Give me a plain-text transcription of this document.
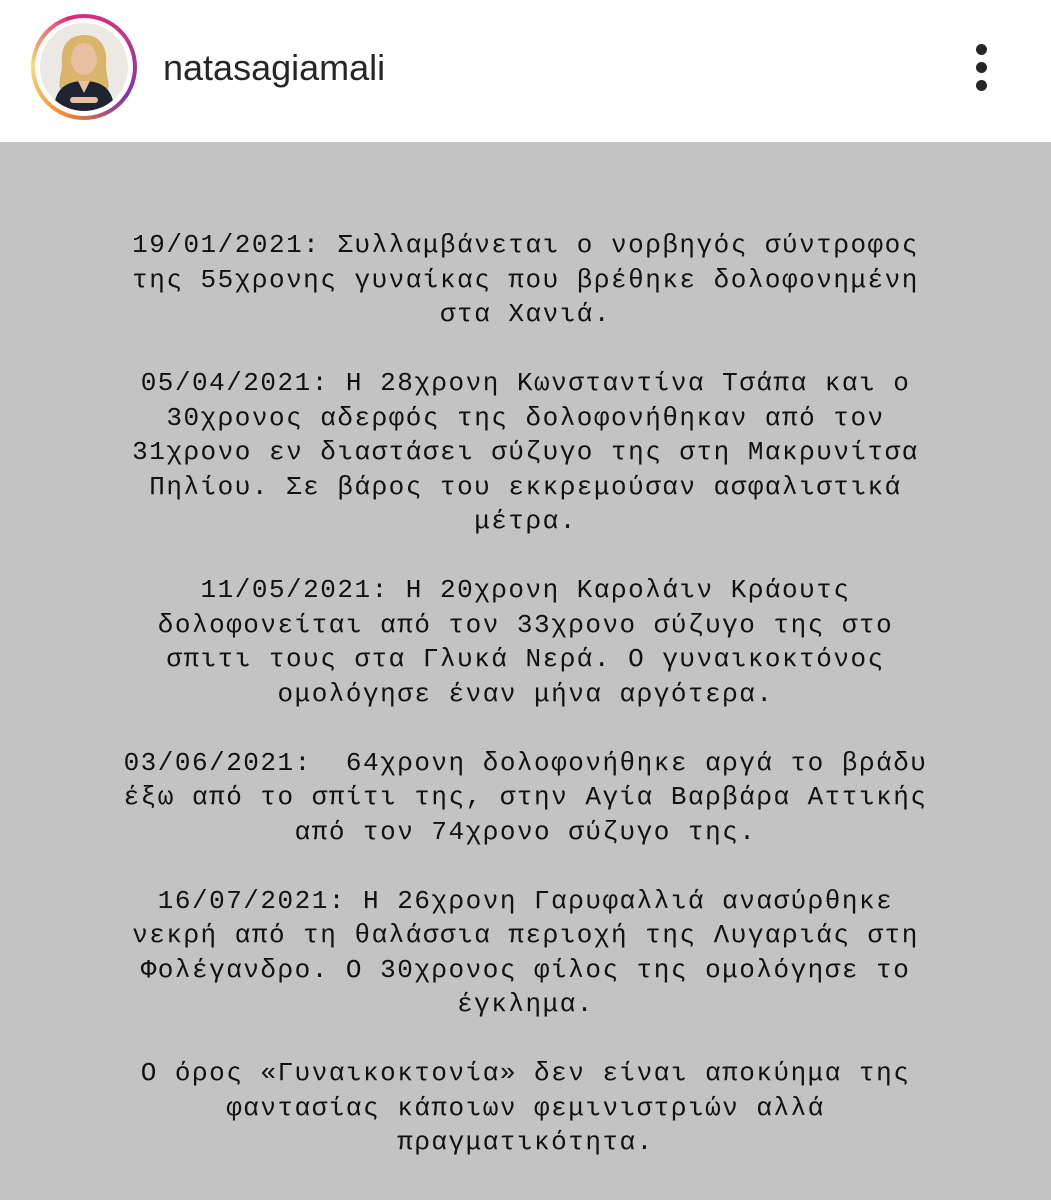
natasagiamali

19/01/2021: Συλλαμβάνεται ο νορβηγός σύντροφος
της 55χρονης γυναίκας που βρέθηκε δολοφονημένη
στα Χανιά.

05/04/2021: Η 28χρονη Κωνσταντίνα Τσάπα και ο
30χρονος αδερφός της δολοφονήθηκαν από τον
31χρονο εν διαστάσει σύζυγο της στη Μακρυνίτσα
Πηλίου. Σε βάρος του εκκρεμούσαν ασφαλιστικά
μέτρα.

11/05/2021: Η 20χρονη Καρολάιν Κράουτς
δολοφονείται από τον 33χρονο σύζυγο της στο
σπιτι τους στα Γλυκά Νερά. Ο γυναικοκτόνος
ομολόγησε έναν μήνα αργότερα.

03/06/2021:  64χρονη δολοφονήθηκε αργά το βράδυ
έξω από το σπίτι της, στην Αγία Βαρβάρα Αττικής
από τον 74χρονο σύζυγο της.

16/07/2021: Η 26χρονη Γαρυφαλλιά ανασύρθηκε
νεκρή από τη θαλάσσια περιοχή της Λυγαριάς στη
Φολέγανδρο. Ο 30χρονος φίλος της ομολόγησε το
έγκλημα.

Ο όρος «Γυναικοκτονία» δεν είναι αποκύημα της
φαντασίας κάποιων φεμινιστριών αλλά
πραγματικότητα.
